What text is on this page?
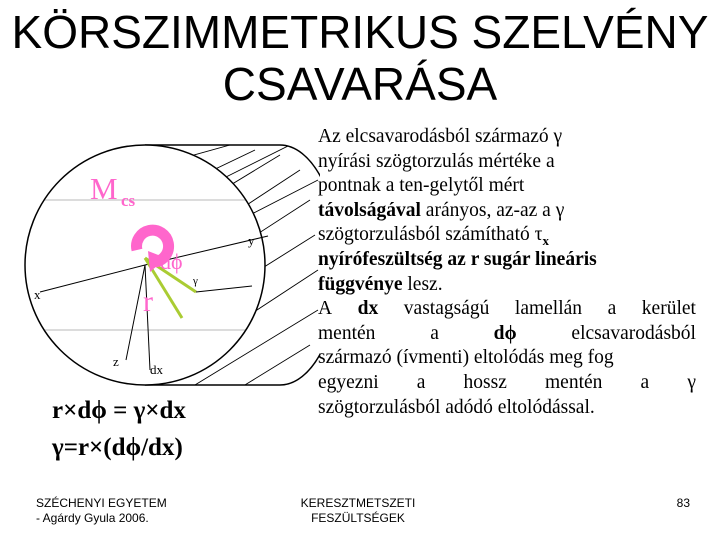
KÖRSZIMMETRIKUS SZELVÉNY
CSAVARÁSA
M cs
dϕ
γ
r
x
y
z
dx
r×dϕ = γ×dx
γ=r×(dϕ/dx)
Az elcsavarodásból származó γ
nyírási szögtorzulás mértéke a
pontnak a ten-gelytől mért
távolságával arányos, az-az a γ
szögtorzulásból számítható $\tau_x$
nyírófeszültség az r sugár lineáris
függvénye lesz.
A dx vastagságú lamellán a kerület
mentén	a	dϕ	elcsavarodásból
származó (ívmenti) eltolódás meg fog
egyezni a hossz mentén a γ
szögtorzulásból adódó eltolódással.
SZÉCHENYI EGYETEM
- Agárdy Gyula 2006.
KERESZTMETSZETI
FESZÜLTSÉGEK
83
